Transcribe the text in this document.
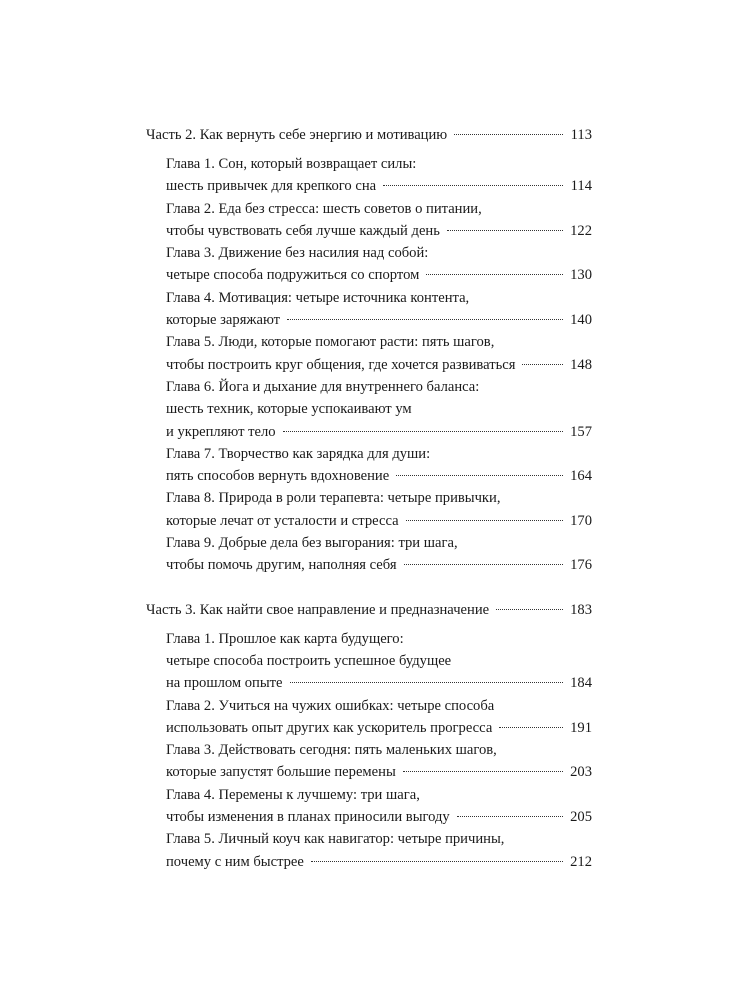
Часть 2. Как вернуть себе энергию и мотивацию	113
Глава 1. Сон, который возвращает силы:
шесть привычек для крепкого сна	114
Глава 2. Еда без стресса: шесть советов о питании,
чтобы чувствовать себя лучше каждый день	122
Глава 3. Движение без насилия над собой:
четыре способа подружиться со спортом	130
Глава 4. Мотивация: четыре источника контента,
которые заряжают	140
Глава 5. Люди, которые помогают расти: пять шагов,
чтобы построить круг общения, где хочется развиваться	148
Глава 6. Йога и дыхание для внутреннего баланса:
шесть техник, которые успокаивают ум
и укрепляют тело	157
Глава 7. Творчество как зарядка для души:
пять способов вернуть вдохновение	164
Глава 8. Природа в роли терапевта: четыре привычки,
которые лечат от усталости и стресса	170
Глава 9. Добрые дела без выгорания: три шага,
чтобы помочь другим, наполняя себя	176
Часть 3. Как найти свое направление и предназначение	183
Глава 1. Прошлое как карта будущего:
четыре способа построить успешное будущее
на прошлом опыте	184
Глава 2. Учиться на чужих ошибках: четыре способа
использовать опыт других как ускоритель прогресса	191
Глава 3. Действовать сегодня: пять маленьких шагов,
которые запустят большие перемены	203
Глава 4. Перемены к лучшему: три шага,
чтобы изменения в планах приносили выгоду	205
Глава 5. Личный коуч как навигатор: четыре причины,
почему с ним быстрее	212
